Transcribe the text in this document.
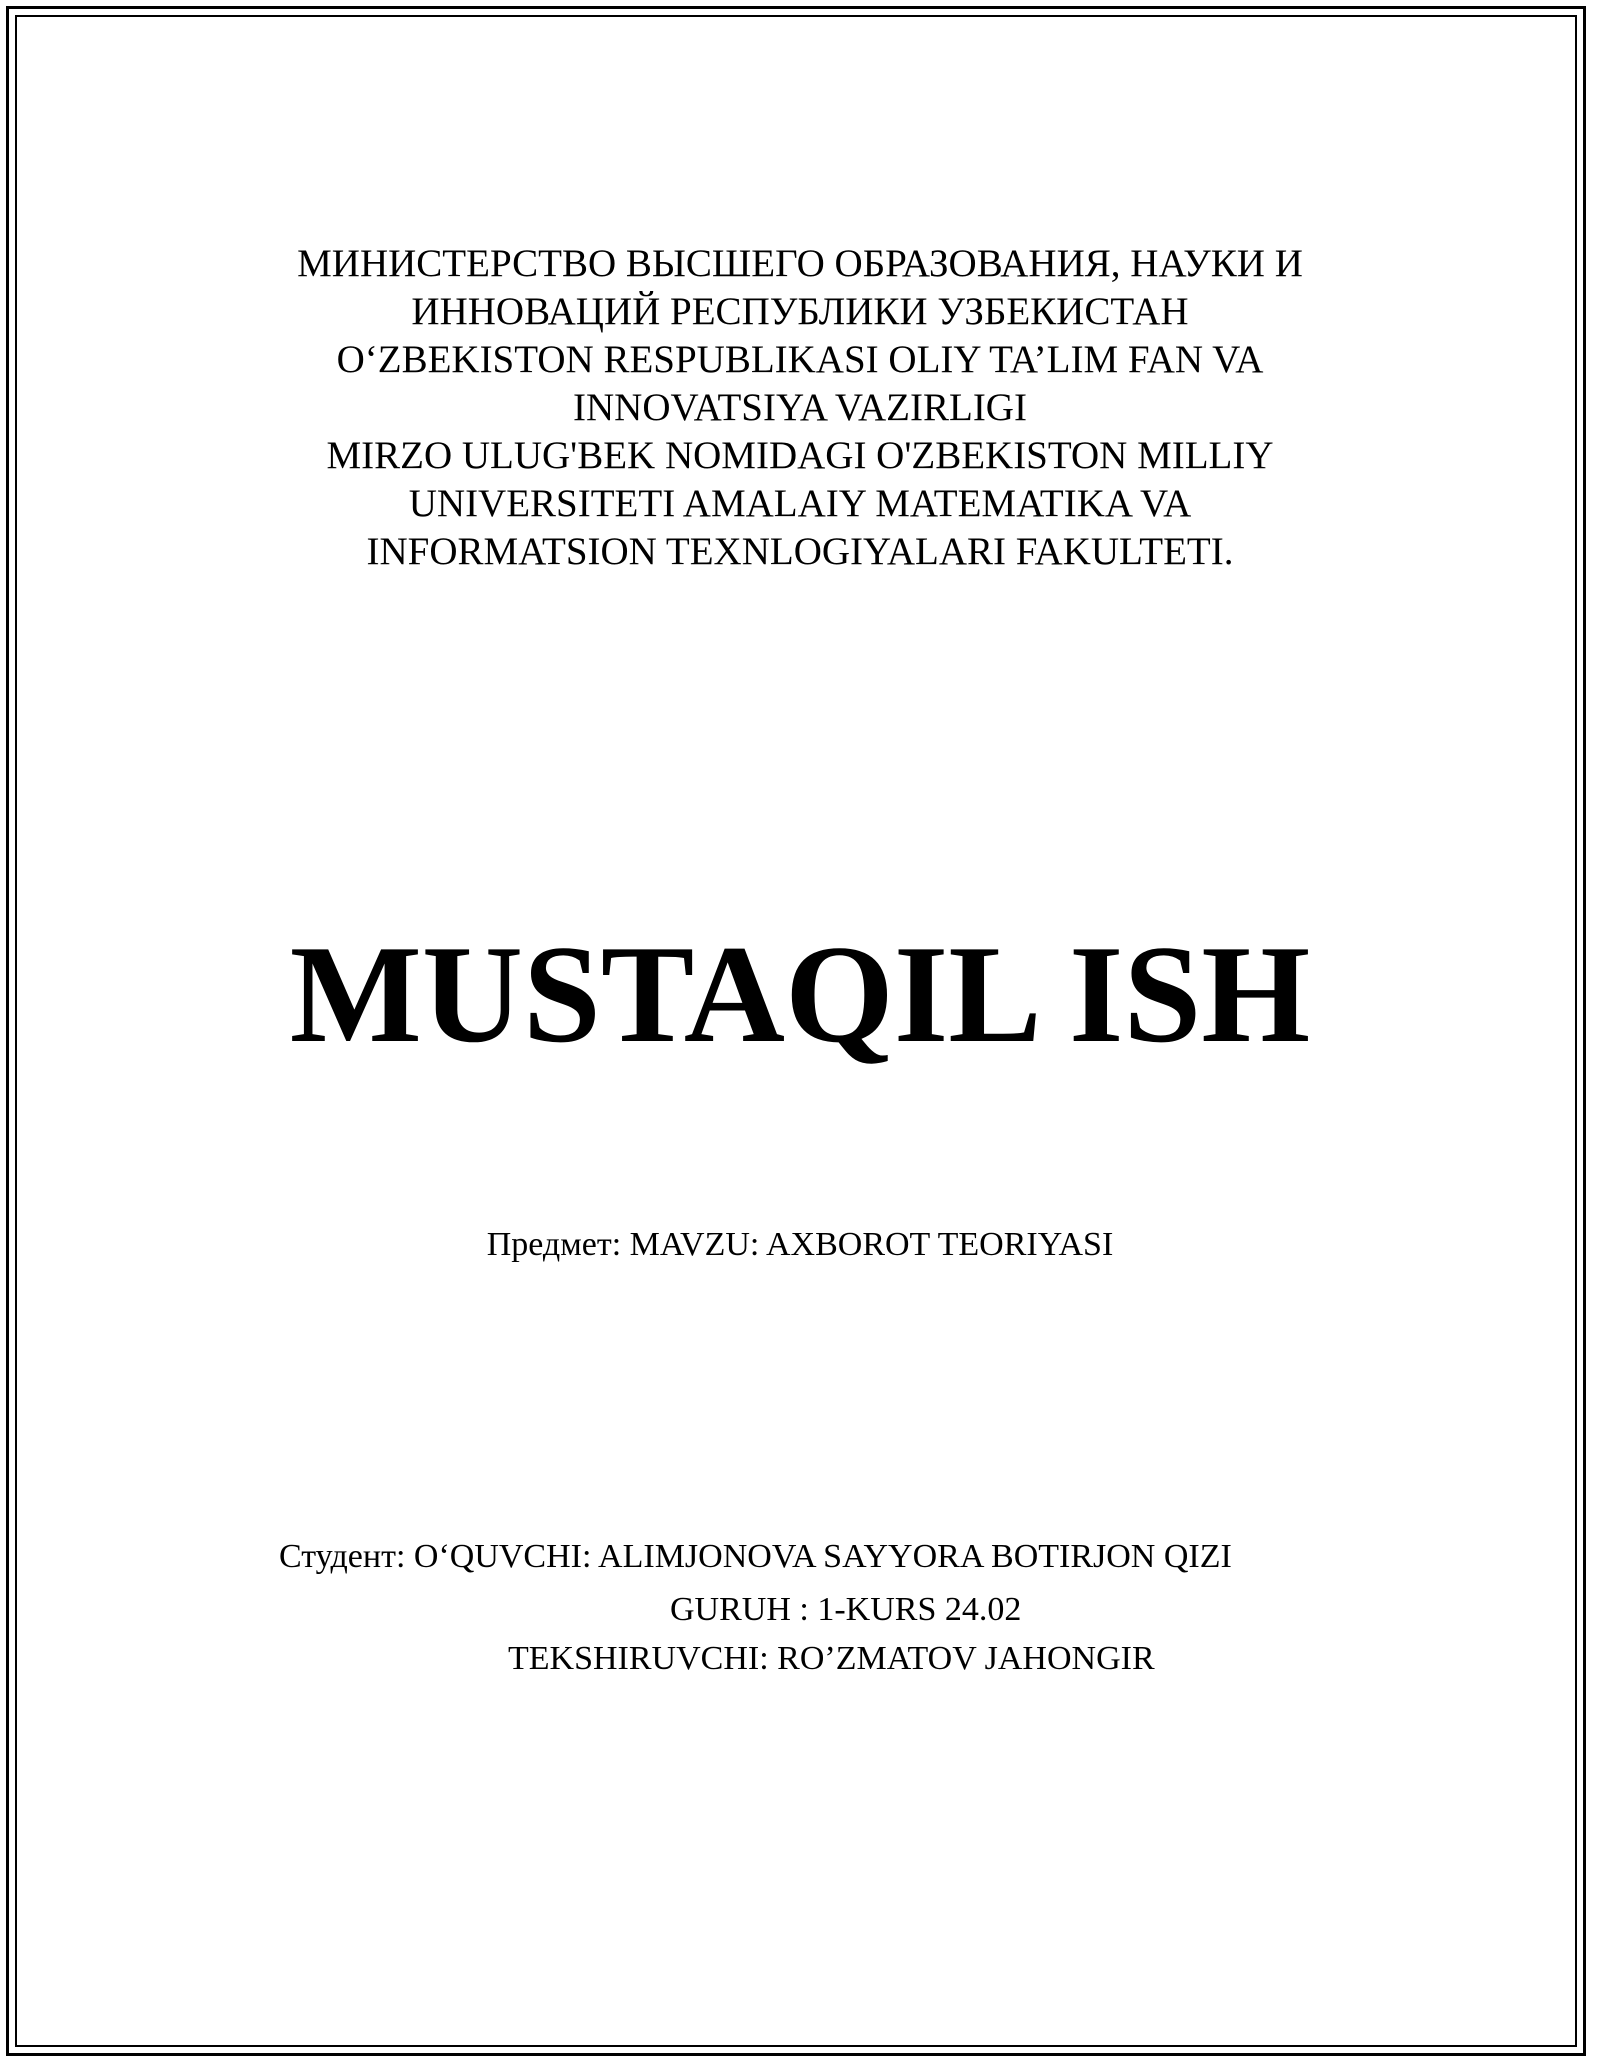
МИНИСТЕРСТВО ВЫСШЕГО ОБРАЗОВАНИЯ, НАУКИ И
ИННОВАЦИЙ РЕСПУБЛИКИ УЗБЕКИСТАН
O‘ZBEKISTON RESPUBLIKASI OLIY TA’LIM FAN VA
INNOVATSIYA VAZIRLIGI
MIRZO ULUG'BEK NOMIDAGI O'ZBEKISTON MILLIY
UNIVERSITETI AMALAIY MATEMATIKA VA
INFORMATSION TEXNLOGIYALARI FAKULTETI.
MUSTAQIL ISH
Предмет: MAVZU: AXBOROT TEORIYASI
Студент: O‘QUVCHI: ALIMJONOVA SAYYORA BOTIRJON QIZI
GURUH : 1-KURS 24.02
TEKSHIRUVCHI: RO’ZMATOV JAHONGIR
